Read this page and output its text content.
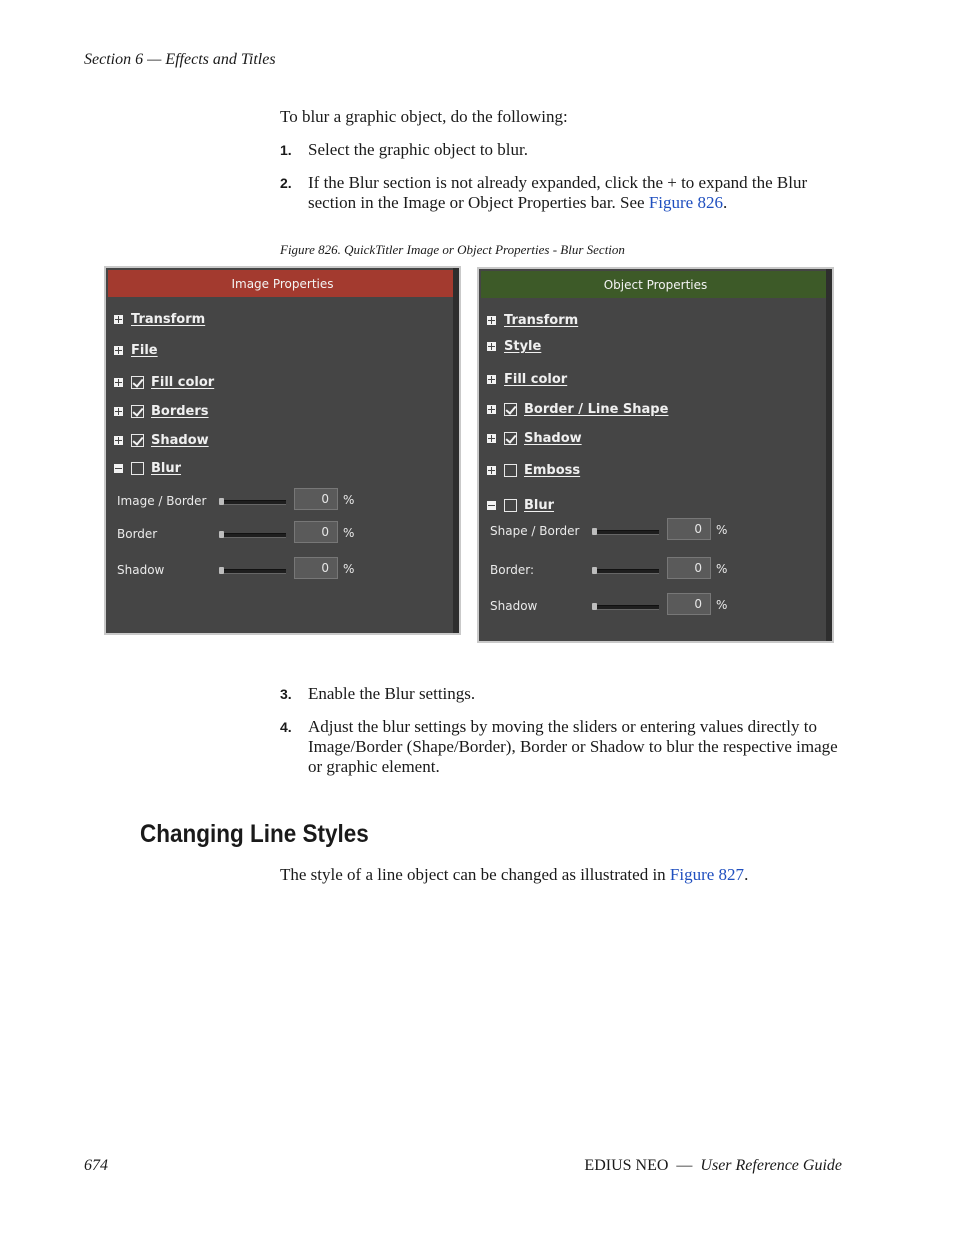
Section 6 — Effects and Titles
To blur a graphic object, do the following:
1. Select the graphic object to blur.
2. If the Blur section is not already expanded, click the + to expand the Blur section in the Image or Object Properties bar. See Figure 826.
Figure 826. QuickTitler Image or Object Properties - Blur Section
Image Properties
Transform
File
Fill color
Borders
Shadow
Blur
Image / Border	0	%
Border	0	%
Shadow	0	%
Object Properties
Transform
Style
Fill color
Border / Line Shape
Shadow
Emboss
Blur
Shape / Border	0	%
Border:	0	%
Shadow	0	%
3. Enable the Blur settings.
4. Adjust the blur settings by moving the sliders or entering values directly to Image/Border (Shape/Border), Border or Shadow to blur the respective image or graphic element.
Changing Line Styles
The style of a line object can be changed as illustrated in Figure 827.
674	EDIUS NEO — User Reference Guide
